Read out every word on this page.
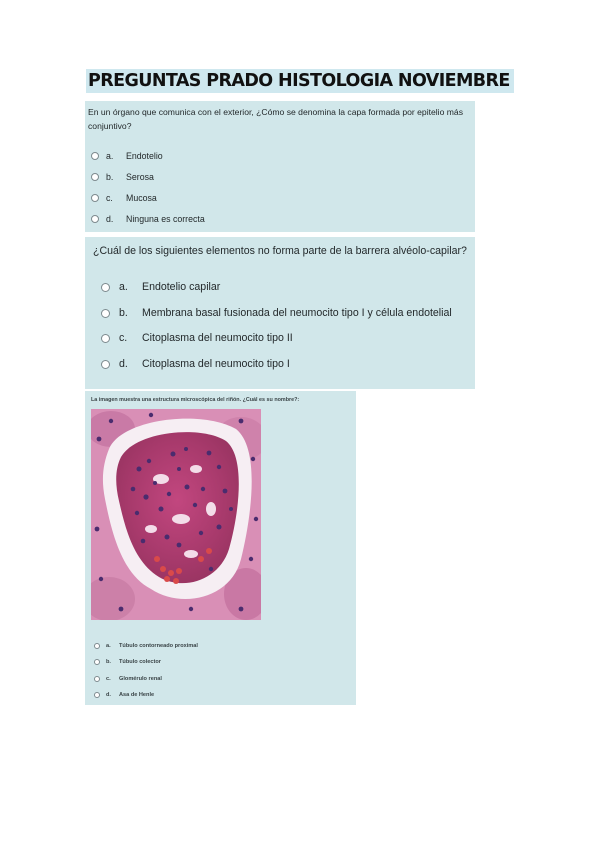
PREGUNTAS PRADO HISTOLOGIA NOVIEMBRE
En un órgano que comunica con el exterior, ¿Cómo se denomina la capa formada por epitelio más conjuntivo?
a.	Endotelio
b.	Serosa
c.	Mucosa
d.	Ninguna es correcta
¿Cuál de los siguientes elementos no forma parte de la barrera alvéolo-capilar?
a.	Endotelio capilar
b.	Membrana basal fusionada del neumocito tipo I y célula endotelial
c.	Citoplasma del neumocito tipo II
d.	Citoplasma del neumocito tipo I
La imagen muestra una estructura microscópica del riñón. ¿Cuál es su nombre?:
a.	Túbulo contorneado proximal
b.	Túbulo colector
c.	Glomérulo renal
d.	Asa de Henle
